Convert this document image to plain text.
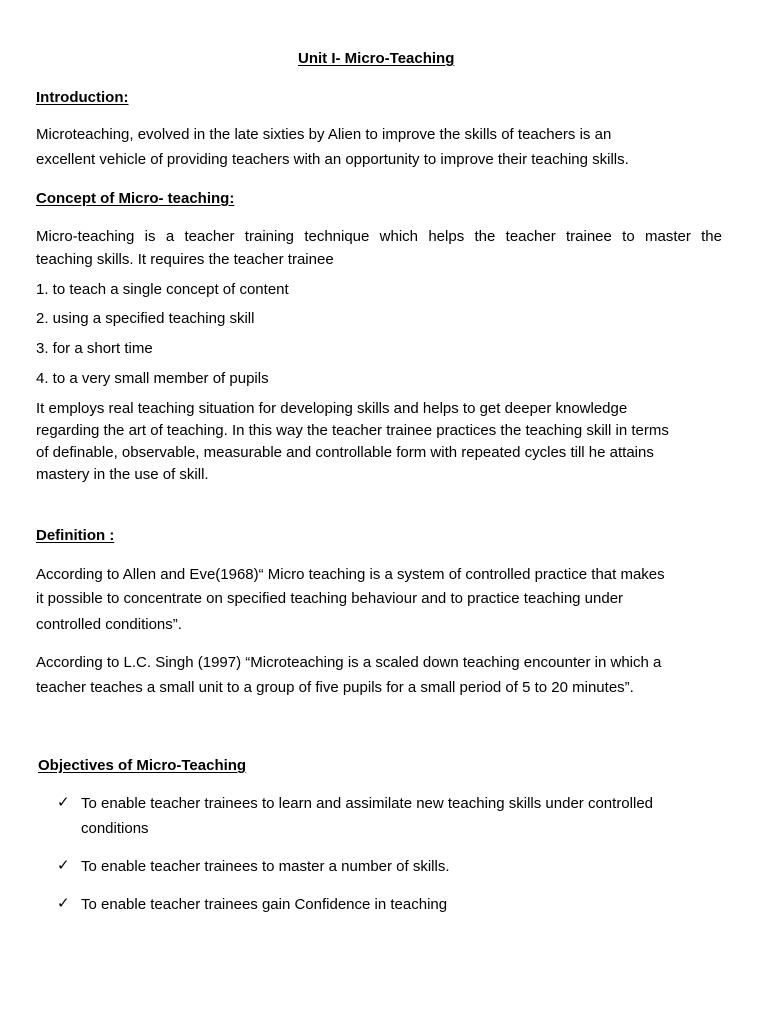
Unit I- Micro-Teaching
Introduction:
Microteaching, evolved in the late sixties by Alien to improve the skills of teachers is an
excellent vehicle of providing teachers with an opportunity to improve their teaching skills.
Concept of Micro- teaching:
Micro-teaching is a teacher training technique which helps the teacher trainee to master the
teaching skills. It requires the teacher trainee
1. to teach a single concept of content
2. using a specified teaching skill
3. for a short time
4. to a very small member of pupils
It employs real teaching situation for developing skills and helps to get deeper knowledge
regarding the art of teaching. In this way the teacher trainee practices the teaching skill in terms
of definable, observable, measurable and controllable form with repeated cycles till he attains
mastery in the use of skill.
Definition :
According to Allen and Eve(1968)“ Micro teaching is a system of controlled practice that makes
it possible to concentrate on specified teaching behaviour and to practice teaching under
controlled conditions”.
According to L.C. Singh (1997) “Microteaching is a scaled down teaching encounter in which a
teacher teaches a small unit to a group of five pupils for a small period of 5 to 20 minutes”.
Objectives of Micro-Teaching
✓ To enable teacher trainees to learn and assimilate new teaching skills under controlled
conditions
✓ To enable teacher trainees to master a number of skills.
✓ To enable teacher trainees gain Confidence in teaching
